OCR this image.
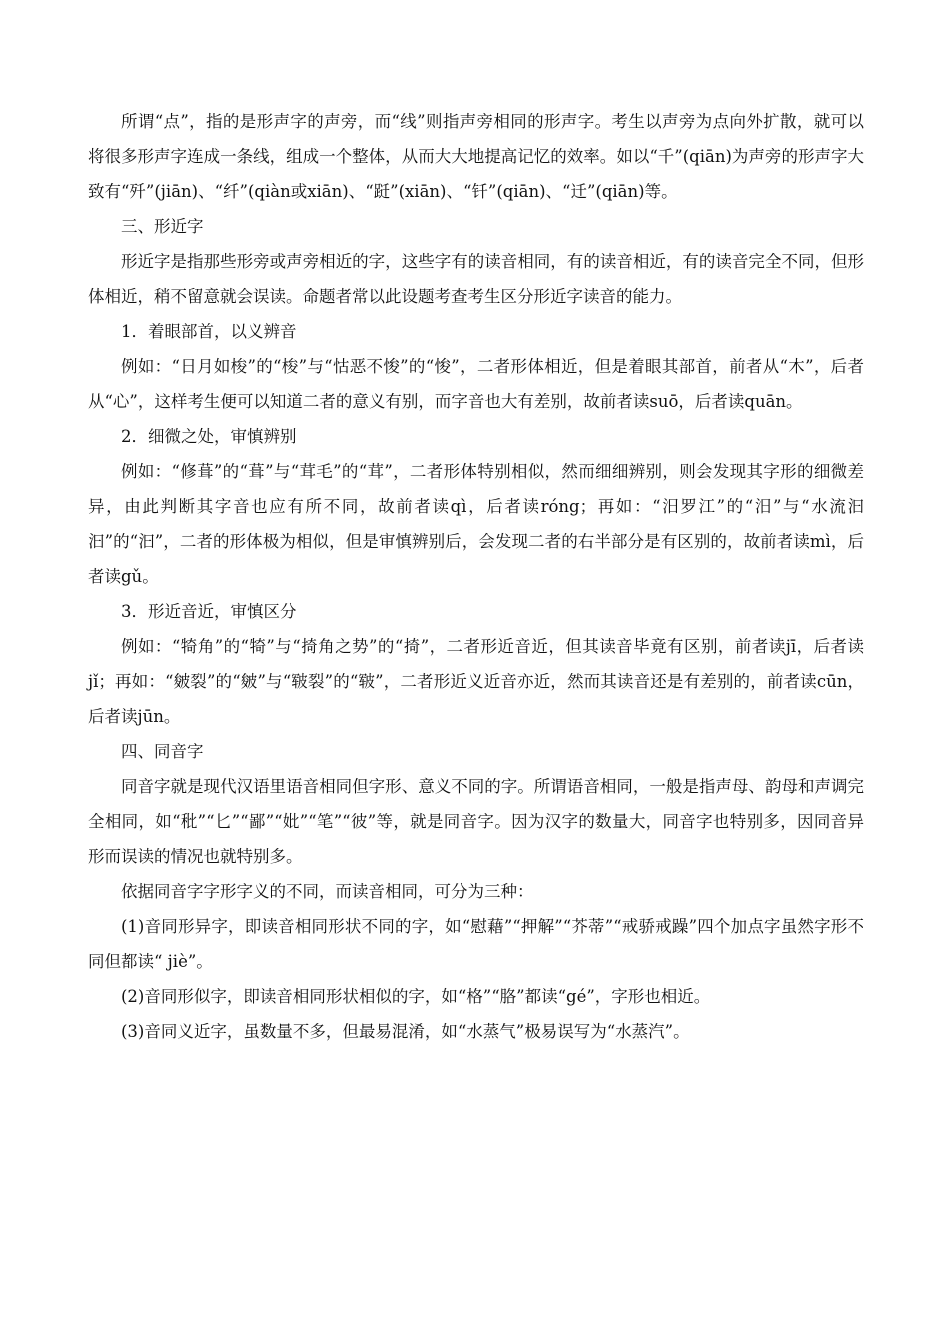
所谓“点”，指的是形声字的声旁，而“线”则指声旁相同的形声字。考生以声旁为点向外扩散，就可以将很多形声字连成一条线，组成一个整体，从而大大地提高记忆的效率。如以“千”(qiān)为声旁的形声字大致有“歼”(jiān)、“纤”(qiàn或xiān)、“跹”(xiān)、“钎”(qiān)、“迁”(qiān)等。

三、形近字

形近字是指那些形旁或声旁相近的字，这些字有的读音相同，有的读音相近，有的读音完全不同，但形体相近，稍不留意就会误读。命题者常以此设题考查考生区分形近字读音的能力。

1．着眼部首，以义辨音

例如：“日月如梭”的“梭”与“怙恶不悛”的“悛”，二者形体相近，但是着眼其部首，前者从“木”，后者从“心”，这样考生便可以知道二者的意义有别，而字音也大有差别，故前者读suō，后者读quān。

2．细微之处，审慎辨别

例如：“修葺”的“葺”与“茸毛”的“茸”，二者形体特别相似，然而细细辨别，则会发现其字形的细微差异，由此判断其字音也应有所不同，故前者读qì，后者读róng；再如：“汨罗江”的“汨”与“水流汩汩”的“汩”，二者的形体极为相似，但是审慎辨别后，会发现二者的右半部分是有区别的，故前者读mì，后者读gǔ。

3．形近音近，审慎区分

例如：“犄角”的“犄”与“掎角之势”的“掎”，二者形近音近，但其读音毕竟有区别，前者读jī，后者读jǐ；再如：“皴裂”的“皴”与“皲裂”的“皲”，二者形近义近音亦近，然而其读音还是有差别的，前者读cūn，后者读jūn。

四、同音字

同音字就是现代汉语里语音相同但字形、意义不同的字。所谓语音相同，一般是指声母、韵母和声调完全相同，如“秕”“匕”“鄙”“妣”“笔”“彼”等，就是同音字。因为汉字的数量大，同音字也特别多，因同音异形而误读的情况也就特别多。

依据同音字字形字义的不同，而读音相同，可分为三种：

(1)音同形异字，即读音相同形状不同的字，如“慰藉”“押解”“芥蒂”“戒骄戒躁”四个加点字虽然字形不同但都读“ jiè”。

(2)音同形似字，即读音相同形状相似的字，如“格”“胳”都读“gé”，字形也相近。

(3)音同义近字，虽数量不多，但最易混淆，如“水蒸气”极易误写为“水蒸汽”。
